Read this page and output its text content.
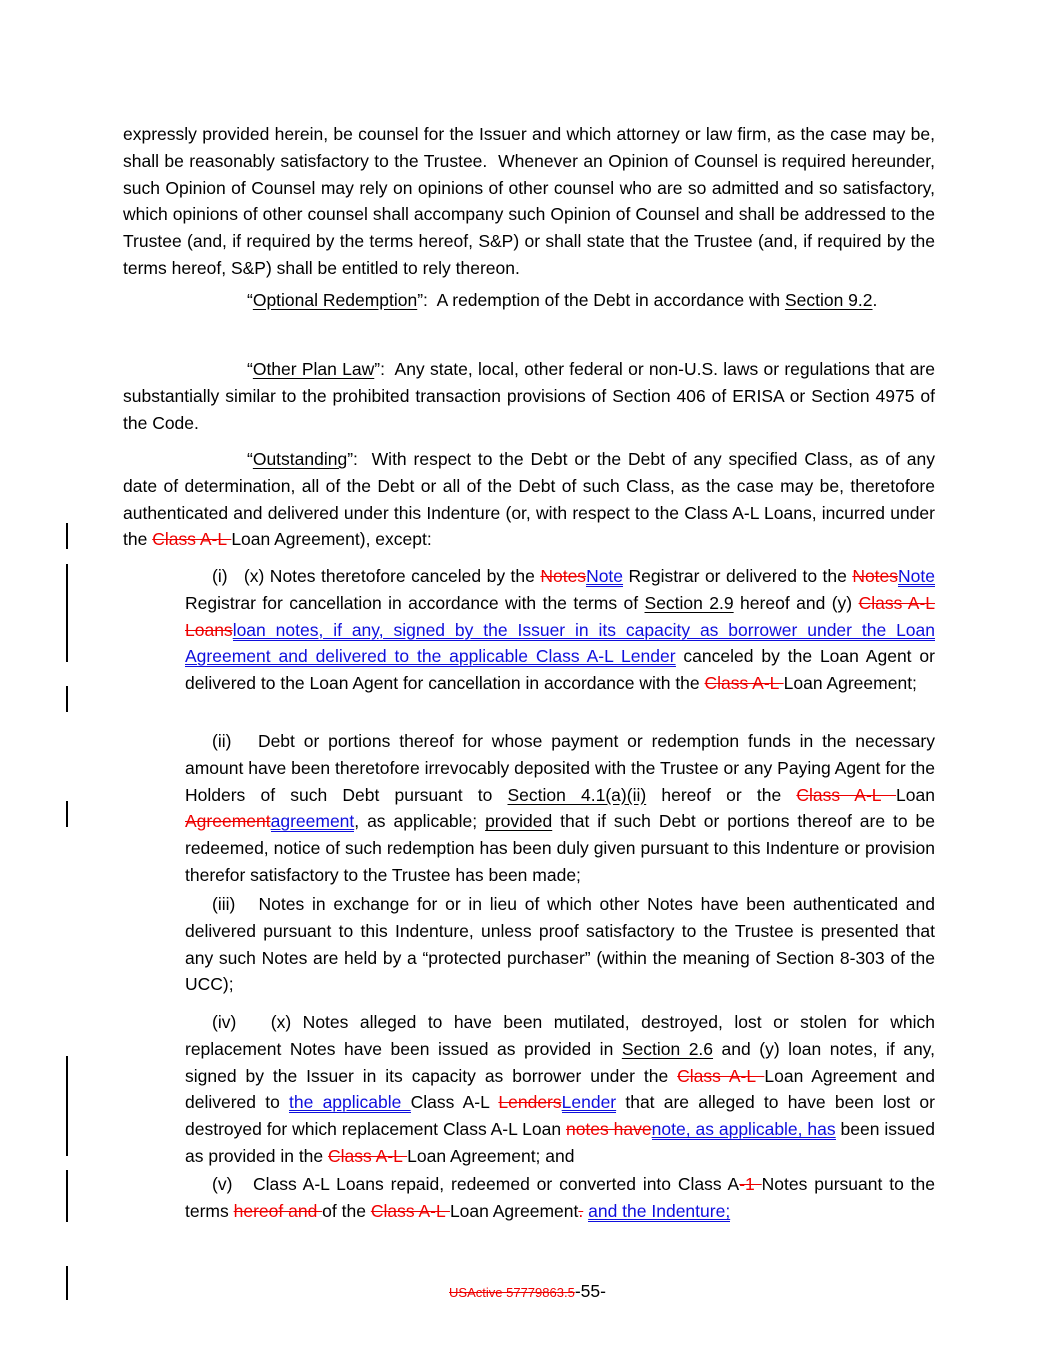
expressly provided herein, be counsel for the Issuer and which attorney or law firm, as the case may be, shall be reasonably satisfactory to the Trustee.  Whenever an Opinion of Counsel is required hereunder, such Opinion of Counsel may rely on opinions of other counsel who are so admitted and so satisfactory, which opinions of other counsel shall accompany such Opinion of Counsel and shall be addressed to the Trustee (and, if required by the terms hereof, S&P) or shall state that the Trustee (and, if required by the terms hereof, S&P) shall be entitled to rely thereon.
“Optional Redemption”:  A redemption of the Debt in accordance with Section 9.2.
“Other Plan Law”:  Any state, local, other federal or non-U.S. laws or regulations that are substantially similar to the prohibited transaction provisions of Section 406 of ERISA or Section 4975 of the Code.
“Outstanding”:  With respect to the Debt or the Debt of any specified Class, as of any date of determination, all of the Debt or all of the Debt of such Class, as the case may be, theretofore authenticated and delivered under this Indenture (or, with respect to the Class A-L Loans, incurred under the Class A-L Loan Agreement), except:
(i)   (x) Notes theretofore canceled by the NotesNote Registrar or delivered to the NotesNote Registrar for cancellation in accordance with the terms of Section 2.9 hereof and (y) Class A-L Loansloan notes, if any, signed by the Issuer in its capacity as borrower under the Loan Agreement and delivered to the applicable Class A-L Lender canceled by the Loan Agent or delivered to the Loan Agent for cancellation in accordance with the Class A-L Loan Agreement;
(ii)   Debt or portions thereof for whose payment or redemption funds in the necessary amount have been theretofore irrevocably deposited with the Trustee or any Paying Agent for the Holders of such Debt pursuant to Section 4.1(a)(ii) hereof or the Class A-L Loan Agreementagreement, as applicable; provided that if such Debt or portions thereof are to be redeemed, notice of such redemption has been duly given pursuant to this Indenture or provision therefor satisfactory to the Trustee has been made;
(iii)   Notes in exchange for or in lieu of which other Notes have been authenticated and delivered pursuant to this Indenture, unless proof satisfactory to the Trustee is presented that any such Notes are held by a “protected purchaser” (within the meaning of Section 8-303 of the UCC);
(iv)   (x) Notes alleged to have been mutilated, destroyed, lost or stolen for which replacement Notes have been issued as provided in Section 2.6 and (y) loan notes, if any, signed by the Issuer in its capacity as borrower under the Class A-L Loan Agreement and delivered to the applicable Class A-L LendersLender that are alleged to have been lost or destroyed for which replacement Class A-L Loan notes havenote, as applicable, has been issued as provided in the Class A-L Loan Agreement; and
(v)   Class A-L Loans repaid, redeemed or converted into Class A-1 Notes pursuant to the terms hereof and of the Class A-L Loan Agreement. and the Indenture;
USActive 57779863.5-55-
